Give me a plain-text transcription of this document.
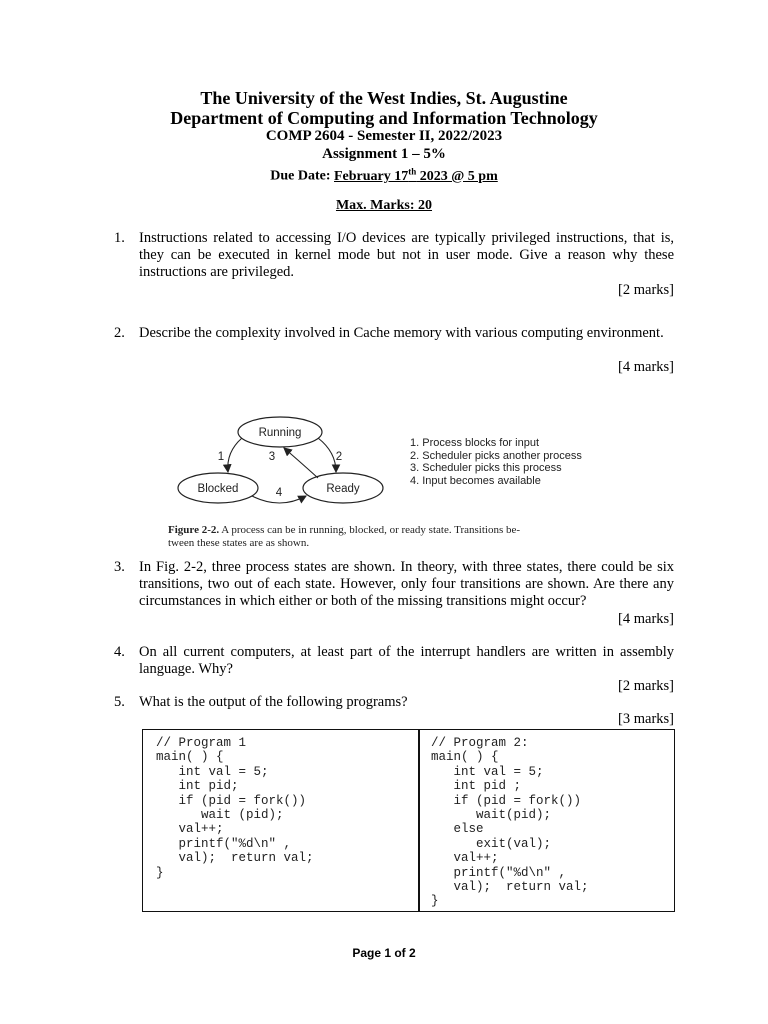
The University of the West Indies, St. Augustine
Department of Computing and Information Technology
COMP 2604 - Semester II, 2022/2023
Assignment 1 – 5%
Due Date: February 17th 2023 @ 5 pm
Max. Marks: 20
1. Instructions related to accessing I/O devices are typically privileged instructions, that is, they can be executed in kernel mode but not in user mode. Give a reason why these instructions are privileged.
[2 marks]
2. Describe the complexity involved in Cache memory with various computing environment.
[4 marks]
Running
Blocked	Ready
1	2
3
4
1. Process blocks for input
2. Scheduler picks another process
3. Scheduler picks this process
4. Input becomes available
Figure 2-2. A process can be in running, blocked, or ready state. Transitions be-
tween these states are as shown.
3. In Fig. 2-2, three process states are shown. In theory, with three states, there could be six transitions, two out of each state. However, only four transitions are shown. Are there any circumstances in which either or both of the missing transitions might occur?
[4 marks]
4. On all current computers, at least part of the interrupt handlers are written in assembly language. Why?
[2 marks]
5. What is the output of the following programs?
[3 marks]
// Program 1
main( ) {
int val = 5;
int pid;
if (pid = fork())
wait (pid);
val++;
printf("%d\n" ,
val);  return val;
}
// Program 2:
main( ) {
int val = 5;
int pid ;
if (pid = fork())
wait(pid);
else
exit(val);
val++;
printf("%d\n" ,
val);  return val;
}
Page 1 of 2
